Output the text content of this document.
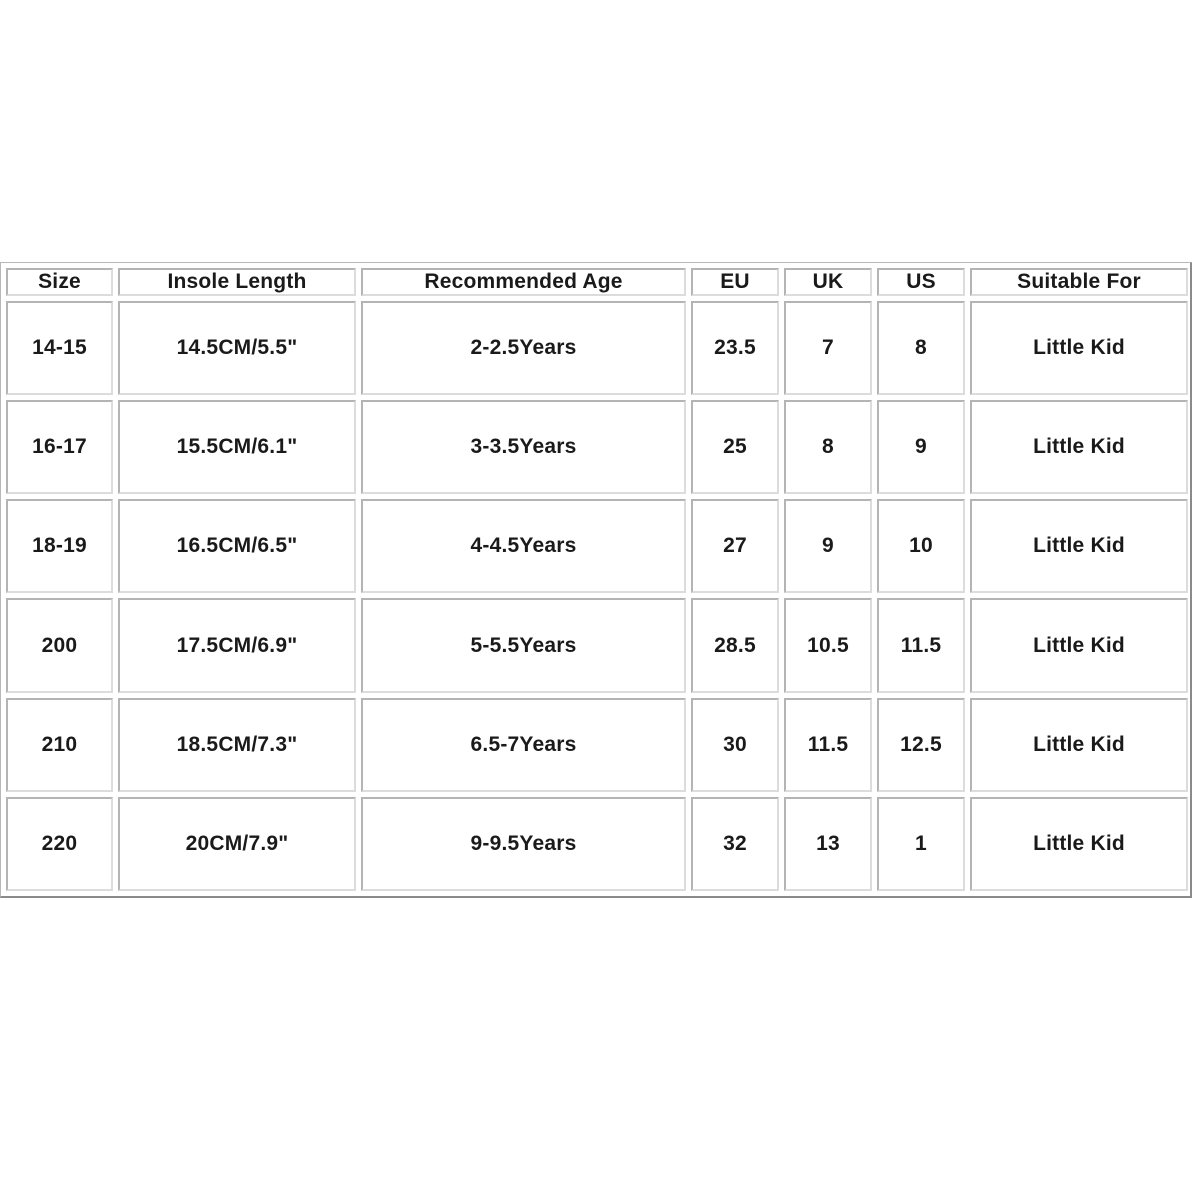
Size	Insole Length	Recommended Age	EU	UK	US	Suitable For
14-15	14.5CM/5.5"	2-2.5Years	23.5	7	8	Little Kid
16-17	15.5CM/6.1"	3-3.5Years	25	8	9	Little Kid
18-19	16.5CM/6.5"	4-4.5Years	27	9	10	Little Kid
200	17.5CM/6.9"	5-5.5Years	28.5	10.5	11.5	Little Kid
210	18.5CM/7.3"	6.5-7Years	30	11.5	12.5	Little Kid
220	20CM/7.9"	9-9.5Years	32	13	1	Little Kid
